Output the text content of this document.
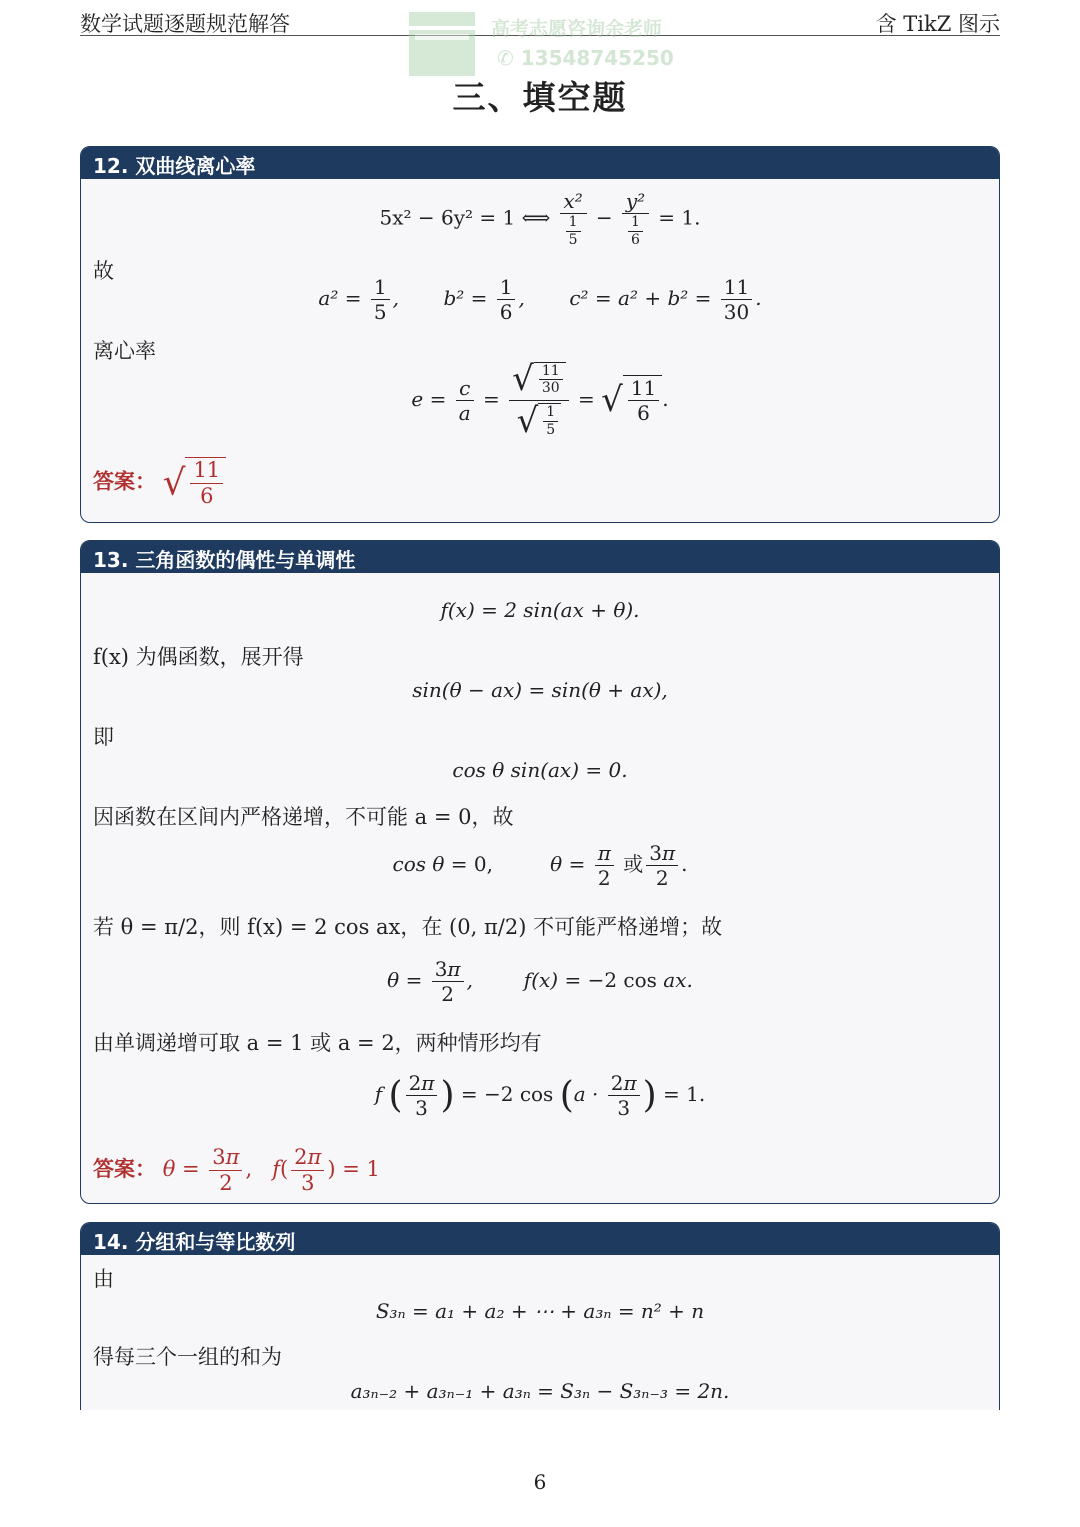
数学试题逐题规范解答	含 TikZ 图示
高考志愿咨询余老师
✆ 13548745250
三、填空题
12. 双曲线离心率
5x² − 6y² = 1 ⟺ $\frac{\text{x²}}{\frac{1}{5}} - \frac{\text{y²}}{\frac{1}{6}} = 1$.
故
$a^2 = \frac{1}{5}$ ,       $b^2 = \frac{1}{6}$ ,       $c^2 = a^2 + b^2 = \frac{11}{30}$ .
离心率
$e = \frac{c}{a} = \frac{√ \frac{11}{30}}{√ \frac{1}{5}}$ = √ $\frac{11}{6}$ .
答案： √ $\frac{11}{6}$
13. 三角函数的偶性与单调性
f(x) = 2 sin(ax + θ).
f(x) 为偶函数，展开得
sin(θ − ax) = sin(θ + ax),
即
cos θ sin(ax) = 0.
因函数在区间内严格递增，不可能 a = 0，故
cos θ = 0,         $\theta = \frac{\pi}{2}$ 或 $\frac{3\pi}{2}$ .
若 θ = π/2，则 f(x) = 2 cos ax，在 (0, π/2) 不可能严格递增；故
$\theta = \frac{3\pi}{2}$ ,        f(x) = −2 cos ax.
由单调递增可取 a = 1 或 a = 2，两种情形均有
f ( $\frac{2\pi}{3}$ ) = −2 $\cos (a \cdot \frac{2\pi}{3}$ ) = 1.
答案： $\theta = \frac{3\pi}{2}$ ,   $f( \frac{2\pi}{3}$ ) = 1
14. 分组和与等比数列
由
S₃ₙ = a₁ + a₂ + ⋯ + a₃ₙ = n² + n
得每三个一组的和为
a₃ₙ₋₂ + a₃ₙ₋₁ + a₃ₙ = S₃ₙ − S₃ₙ₋₃ = 2n.
6
